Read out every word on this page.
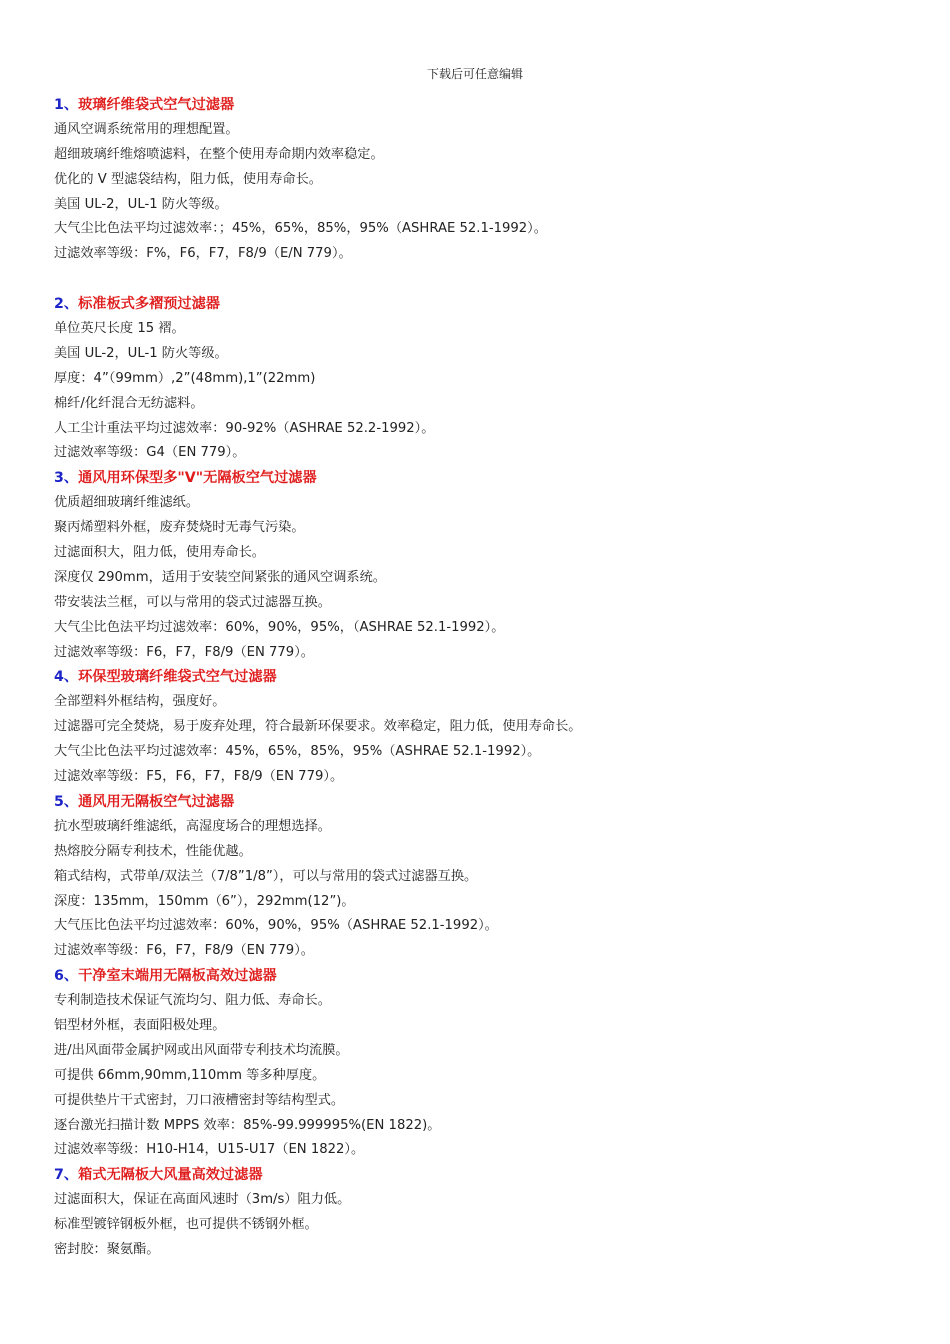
下载后可任意编辑
1、玻璃纤维袋式空气过滤器
通风空调系统常用的理想配置。
超细玻璃纤维熔喷滤料，在整个使用寿命期内效率稳定。
优化的 V 型滤袋结构，阻力低，使用寿命长。
美国 UL-2，UL-1 防火等级。
大气尘比色法平均过滤效率：；45%，65%，85%，95%（ASHRAE 52.1-1992）。
过滤效率等级：F%，F6，F7，F8/9（E/N 779）。
2、标准板式多褶预过滤器
单位英尺长度 15 褶。
美国 UL-2，UL-1 防火等级。
厚度：4”（99mm）,2”(48mm),1”(22mm)
棉纤/化纤混合无纺滤料。
人工尘计重法平均过滤效率：90-92%（ASHRAE 52.2-1992）。
过滤效率等级：G4（EN 779）。
3、通风用环保型多"V"无隔板空气过滤器
优质超细玻璃纤维滤纸。
聚丙烯塑料外框，废弃焚烧时无毒气污染。
过滤面积大，阻力低，使用寿命长。
深度仅 290mm，适用于安装空间紧张的通风空调系统。
带安装法兰框，可以与常用的袋式过滤器互换。
大气尘比色法平均过滤效率：60%，90%，95%，（ASHRAE 52.1-1992）。
过滤效率等级：F6，F7，F8/9（EN 779）。
4、环保型玻璃纤维袋式空气过滤器
全部塑料外框结构，强度好。
过滤器可完全焚烧，易于废弃处理，符合最新环保要求。效率稳定，阻力低，使用寿命长。
大气尘比色法平均过滤效率：45%，65%，85%，95%（ASHRAE 52.1-1992）。
过滤效率等级：F5，F6，F7，F8/9（EN 779）。
5、通风用无隔板空气过滤器
抗水型玻璃纤维滤纸，高湿度场合的理想选择。
热熔胶分隔专利技术，性能优越。
箱式结构，式带单/双法兰（7/8”1/8”），可以与常用的袋式过滤器互换。
深度：135mm，150mm（6”），292mm(12”)。
大气压比色法平均过滤效率：60%，90%，95%（ASHRAE 52.1-1992）。
过滤效率等级：F6，F7，F8/9（EN 779）。
6、干净室末端用无隔板高效过滤器
专利制造技术保证气流均匀、阻力低、寿命长。
铝型材外框，表面阳极处理。
进/出风面带金属护网或出风面带专利技术均流膜。
可提供 66mm,90mm,110mm 等多种厚度。
可提供垫片干式密封，刀口液槽密封等结构型式。
逐台激光扫描计数 MPPS 效率：85%-99.999995%(EN 1822)。
过滤效率等级：H10-H14，U15-U17（EN 1822）。
7、箱式无隔板大风量高效过滤器
过滤面积大，保证在高面风速时（3m/s）阻力低。
标准型镀锌钢板外框，也可提供不锈钢外框。
密封胶：聚氨酯。
